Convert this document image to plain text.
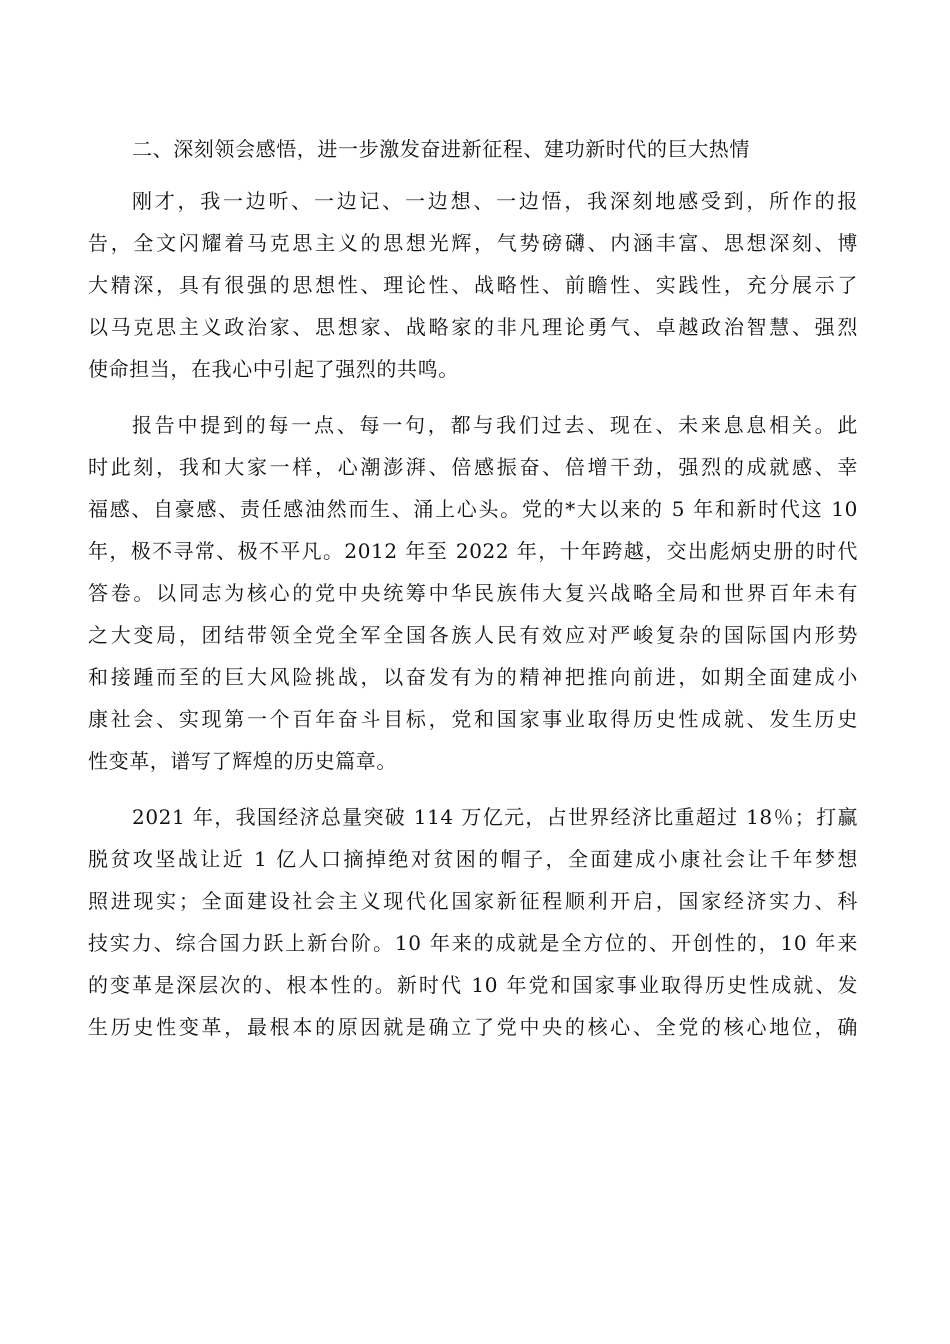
二、深刻领会感悟，进一步激发奋进新征程、建功新时代的巨大热情
刚才，我一边听、一边记、一边想、一边悟，我深刻地感受到，所作的报
告，全文闪耀着马克思主义的思想光辉，气势磅礴、内涵丰富、思想深刻、博
大精深，具有很强的思想性、理论性、战略性、前瞻性、实践性，充分展示了
以马克思主义政治家、思想家、战略家的非凡理论勇气、卓越政治智慧、强烈
使命担当，在我心中引起了强烈的共鸣。
报告中提到的每一点、每一句，都与我们过去、现在、未来息息相关。此
时此刻，我和大家一样，心潮澎湃、倍感振奋、倍增干劲，强烈的成就感、幸
福感、自豪感、责任感油然而生、涌上心头。党的*大以来的 5 年和新时代这 10
年，极不寻常、极不平凡。2012 年至 2022 年，十年跨越，交出彪炳史册的时代
答卷。以同志为核心的党中央统筹中华民族伟大复兴战略全局和世界百年未有
之大变局，团结带领全党全军全国各族人民有效应对严峻复杂的国际国内形势
和接踵而至的巨大风险挑战，以奋发有为的精神把推向前进，如期全面建成小
康社会、实现第一个百年奋斗目标，党和国家事业取得历史性成就、发生历史
性变革，谱写了辉煌的历史篇章。
2021 年，我国经济总量突破 114 万亿元，占世界经济比重超过 18％；打赢
脱贫攻坚战让近 1 亿人口摘掉绝对贫困的帽子，全面建成小康社会让千年梦想
照进现实；全面建设社会主义现代化国家新征程顺利开启，国家经济实力、科
技实力、综合国力跃上新台阶。10 年来的成就是全方位的、开创性的，10 年来
的变革是深层次的、根本性的。新时代 10 年党和国家事业取得历史性成就、发
生历史性变革，最根本的原因就是确立了党中央的核心、全党的核心地位，确
